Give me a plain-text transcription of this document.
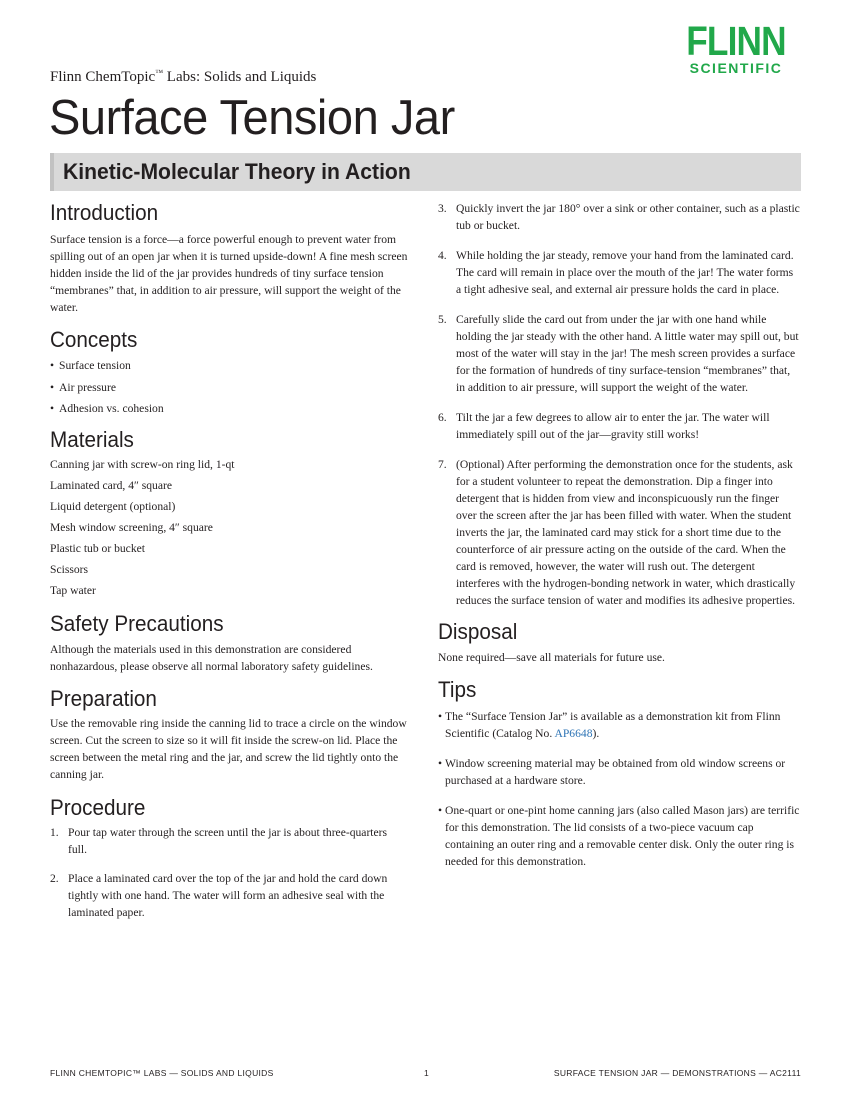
FLINN
SCIENTIFIC
Flinn ChemTopic™ Labs: Solids and Liquids
Surface Tension Jar
Kinetic-Molecular Theory in Action
Introduction

Surface tension is a force—a force powerful enough to prevent water from spilling out of an open jar when it is turned upside-down! A fine mesh screen hidden inside the lid of the jar provides hundreds of tiny surface tension “membranes” that, in addition to air pressure, will support the weight of the water.

Concepts
• Surface tension
• Air pressure
• Adhesion vs. cohesion
Materials
Canning jar with screw-on ring lid, 1-qt
Laminated card, 4″ square
Liquid detergent (optional)
Mesh window screening, 4″ square
Plastic tub or bucket
Scissors
Tap water
Safety Precautions

Although the materials used in this demonstration are considered nonhazardous, please observe all normal laboratory safety guidelines.

Preparation

Use the removable ring inside the canning lid to trace a circle on the window screen. Cut the screen to size so it will fit inside the screw-on lid. Place the screen between the metal ring and the jar, and screw the lid tightly onto the canning jar.

Procedure
1. Pour tap water through the screen until the jar is about three-quarters full.
2. Place a laminated card over the top of the jar and hold the card down tightly with one hand. The water will form an adhesive seal with the laminated paper.
3. Quickly invert the jar 180° over a sink or other container, such as a plastic tub or bucket.
4. While holding the jar steady, remove your hand from the laminated card. The card will remain in place over the mouth of the jar! The water forms a tight adhesive seal, and external air pressure holds the card in place.
5. Carefully slide the card out from under the jar with one hand while holding the jar steady with the other hand. A little water may spill out, but most of the water will stay in the jar! The mesh screen provides a surface for the formation of hundreds of tiny surface-tension “membranes” that, in addition to air pressure, will support the weight of the water.
6. Tilt the jar a few degrees to allow air to enter the jar. The water will immediately spill out of the jar—gravity still works!
7. (Optional) After performing the demonstration once for the students, ask for a student volunteer to repeat the demonstration. Dip a finger into detergent that is hidden from view and inconspicuously run the finger over the screen after the jar has been filled with water. When the student inverts the jar, the laminated card may stick for a short time due to the counterforce of air pressure acting on the outside of the card. When the card is removed, however, the water will rush out. The detergent interferes with the hydrogen-bonding network in water, which drastically reduces the surface tension of water and modifies its adhesive properties.
Disposal

None required—save all materials for future use.

Tips
• The “Surface Tension Jar” is available as a demonstration kit from Flinn Scientific (Catalog No. AP6648).
• Window screening material may be obtained from old window screens or purchased at a hardware store.
• One-quart or one-pint home canning jars (also called Mason jars) are terrific for this demonstration. The lid consists of a two-piece vacuum cap containing an outer ring and a removable center disk. Only the outer ring is needed for this demonstration.
FLINN CHEMTOPIC™ LABS — SOLIDS AND LIQUIDS	1	SURFACE TENSION JAR — DEMONSTRATIONS — AC2111
